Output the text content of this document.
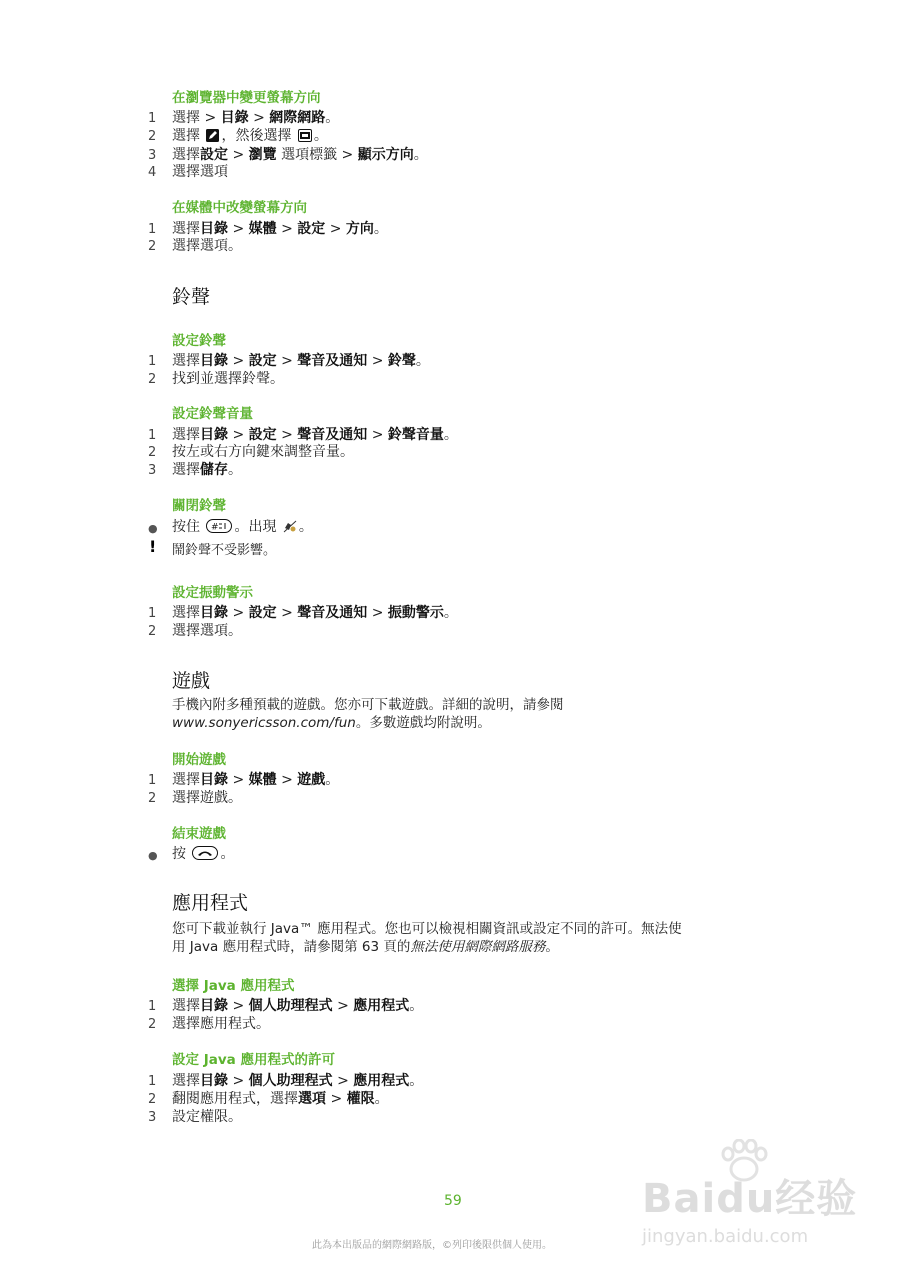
在瀏覽器中變更螢幕方向
1	選擇 > 目錄 > 網際網路。
2	選擇 ，然後選擇 。
3	選擇設定 > 瀏覽 選項標籤 > 顯示方向。
4	選擇選項
在媒體中改變螢幕方向
1	選擇目錄 > 媒體 > 設定 > 方向。
2	選擇選項。
鈴聲
設定鈴聲
1	選擇目錄 > 設定 > 聲音及通知 > 鈴聲。
2	找到並選擇鈴聲。
設定鈴聲音量
1	選擇目錄 > 設定 > 聲音及通知 > 鈴聲音量。
2	按左或右方向鍵來調整音量。
3	選擇儲存。
關閉鈴聲
●	按住 # 。出現 。
! 鬧鈴聲不受影響。
設定振動警示
1	選擇目錄 > 設定 > 聲音及通知 > 振動警示。
2	選擇選項。
遊戲
手機內附多種預載的遊戲。您亦可下載遊戲。詳細的說明，請參閱
www.sonyericsson.com/fun。多數遊戲均附說明。
開始遊戲
1	選擇目錄 > 媒體 > 遊戲。
2	選擇遊戲。
結束遊戲
●	按 。
應用程式
您可下載並執行 Java™ 應用程式。您也可以檢視相關資訊或設定不同的許可。無法使
用 Java 應用程式時，請參閱第 63 頁的無法使用網際網路服務。
選擇 Java 應用程式
1	選擇目錄 > 個人助理程式 > 應用程式。
2	選擇應用程式。
設定 Java 應用程式的許可
1	選擇目錄 > 個人助理程式 > 應用程式。
2	翻閱應用程式，選擇選項 > 權限。
3	設定權限。
59
此為本出版品的網際網路版，©列印後限供個人使用。
Baidu经验
jingyan.baidu.com
